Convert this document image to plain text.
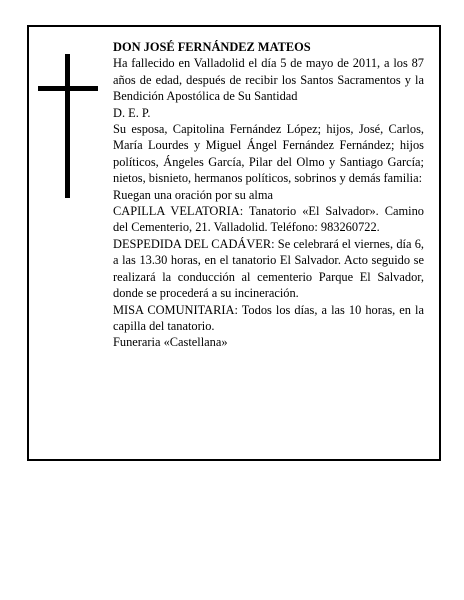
DON JOSÉ FERNÁNDEZ MATEOS

Ha fallecido en Valladolid el día 5 de mayo de 2011, a los 87 años de edad, después de recibir los Santos Sacramentos y la Bendición Apostólica de Su Santidad

D. E. P.

Su esposa, Capitolina Fernández López; hijos, José, Carlos, María Lourdes y Miguel Ángel Fernández Fernández; hijos políticos, Ángeles García, Pilar del Olmo y Santiago García; nietos, bisnieto, hermanos políticos, sobrinos y demás familia:

Ruegan una oración por su alma

CAPILLA VELATORIA: Tanatorio «El Salvador». Camino del Cementerio, 21. Valladolid. Teléfono: 983260722.

DESPEDIDA DEL CADÁVER: Se celebrará el viernes, día 6, a las 13.30 horas, en el tanatorio El Salvador. Acto seguido se realizará la conducción al cementerio Parque El Salvador, donde se procederá a su incineración.

MISA COMUNITARIA: Todos los días, a las 10 horas, en la capilla del tanatorio.

Funeraria «Castellana»
